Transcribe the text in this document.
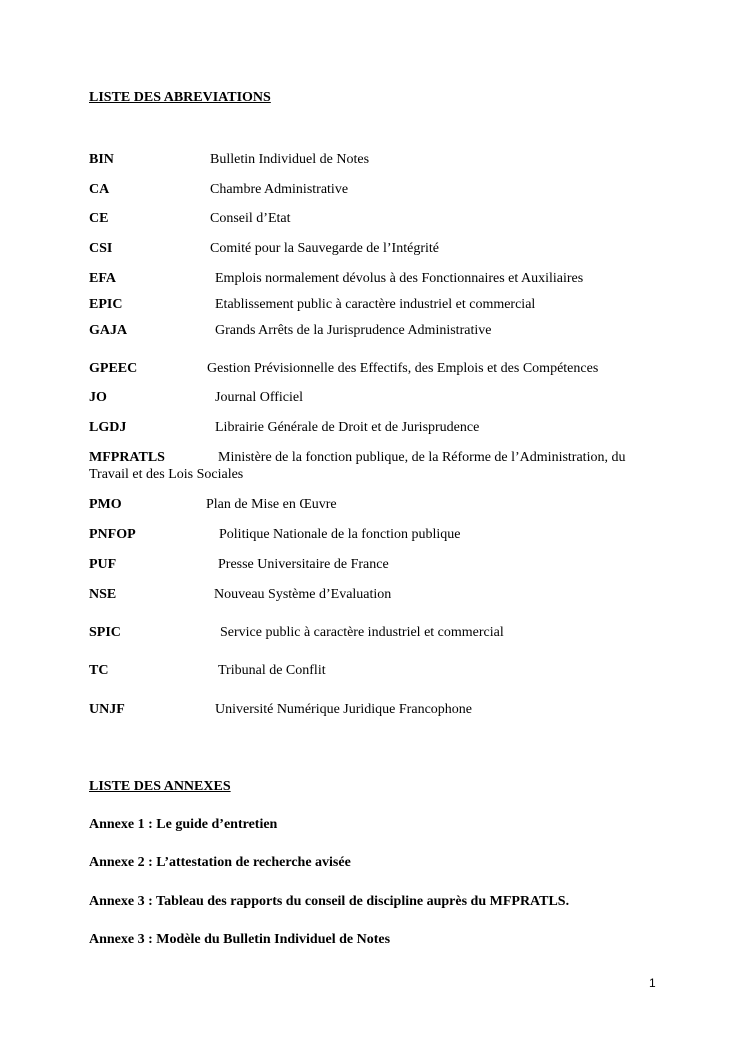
LISTE DES ABREVIATIONS
BIN	Bulletin Individuel de Notes
CA	Chambre Administrative
CE	Conseil d’Etat
CSI	Comité pour la Sauvegarde de l’Intégrité
EFA	Emplois normalement dévolus à des Fonctionnaires et Auxiliaires
EPIC	Etablissement public à caractère industriel et commercial
GAJA	Grands Arrêts de la Jurisprudence Administrative
GPEEC	Gestion Prévisionnelle des Effectifs, des Emplois et des Compétences
JO	Journal Officiel
LGDJ	Librairie Générale de Droit et de Jurisprudence
MFPRATLS	Ministère de la fonction publique, de la Réforme de l’Administration, du
Travail et des Lois Sociales
PMO	Plan de Mise en Œuvre
PNFOP	Politique Nationale de la fonction publique
PUF	Presse Universitaire de France
NSE	Nouveau Système d’Evaluation
SPIC	Service public à caractère industriel et commercial
TC	Tribunal de Conflit
UNJF	Université Numérique Juridique Francophone
LISTE DES ANNEXES
Annexe 1 : Le guide d’entretien
Annexe 2 : L’attestation de recherche avisée
Annexe 3 : Tableau des rapports du conseil de discipline auprès du MFPRATLS.
Annexe 3 : Modèle du Bulletin Individuel de Notes
1
